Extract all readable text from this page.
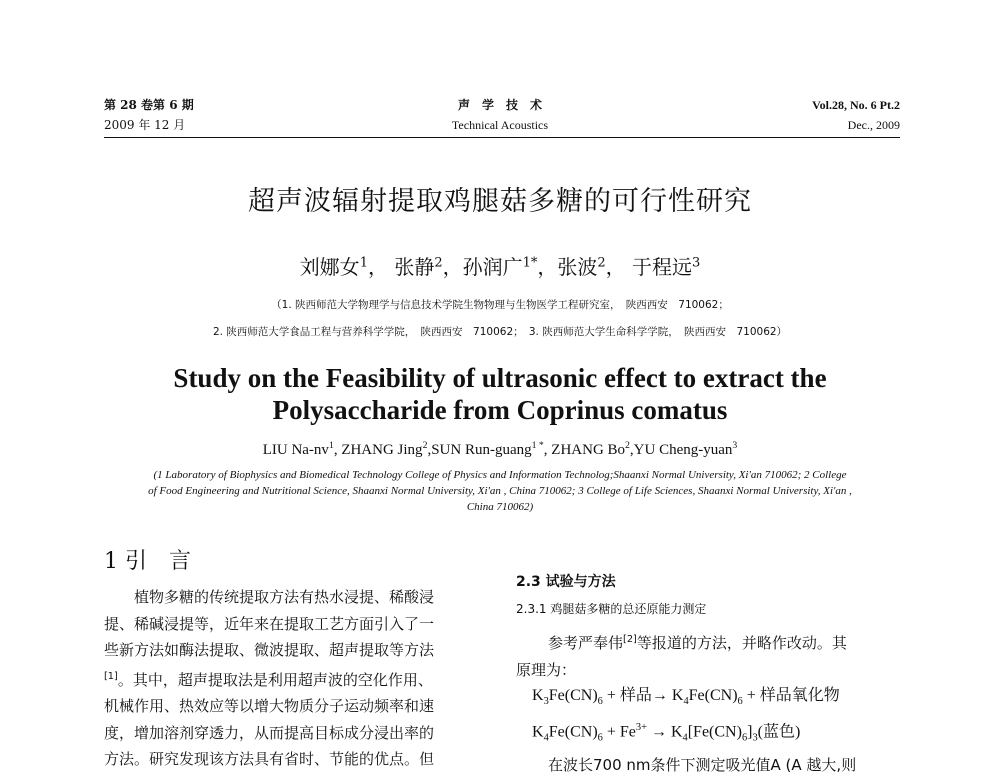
第 28 卷第 6 期
2009 年 12 月
声　学　技　术
Technical Acoustics
Vol.28, No. 6 Pt.2
Dec., 2009
超声波辐射提取鸡腿菇多糖的可行性研究
刘娜女$^1$， 张静$^2$，孙润广$^{1*}$，张波$^2$， 于程远$^3$
（1. 陕西师范大学物理学与信息技术学院生物物理与生物医学工程研究室，　陕西西安　710062；
2. 陕西师范大学食品工程与营养科学学院，　陕西西安　710062；　3. 陕西师范大学生命科学学院，　陕西西安　710062）
Study on the Feasibility of ultrasonic effect to extract the
Polysaccharide from Coprinus comatus
LIU $Na-nv^1$, ZHANG Jing$^2$,SUN Run-guang$^{1 *}$, ZHANG Bo$^2$,YU Cheng-yuan$^3$
(1 Laboratory of Biophysics and Biomedical Technology College of Physics and Information Technolog;Shaanxi Normal University, Xi'an 710062; 2 College
of Food Engineering and Nutritional Science, Shaanxi Normal University, Xi'an , China 710062; 3 College of Life Sciences, Shaanxi Normal University, Xi'an ,
China 710062)
1 引　言
植物多糖的传统提取方法有热水浸提、稀酸浸
提、稀碱浸提等，近年来在提取工艺方面引入了一
些新方法如酶法提取、微波提取、超声提取等方法
[1]。其中，超声提取法是利用超声波的空化作用、
机械作用、热效应等以增大物质分子运动频率和速
度，增加溶剂穿透力，从而提高目标成分浸出率的
方法。研究发现该方法具有省时、节能的优点。但
2.3 试验与方法
2.3.1 鸡腿菇多糖的总还原能力测定
参考严奉伟[2]等报道的方法，并略作改动。其
原理为：
$K_3Fe(CN)_6$ + 样品→ $K_4Fe(CN)_6$ + 样品氧化物
$K_4Fe(CN)_6 + Fe^{3+} \to K_4[Fe(CN)_6]_3$(蓝色)
在波长700 nm条件下测定吸光值A (A 越大,则
